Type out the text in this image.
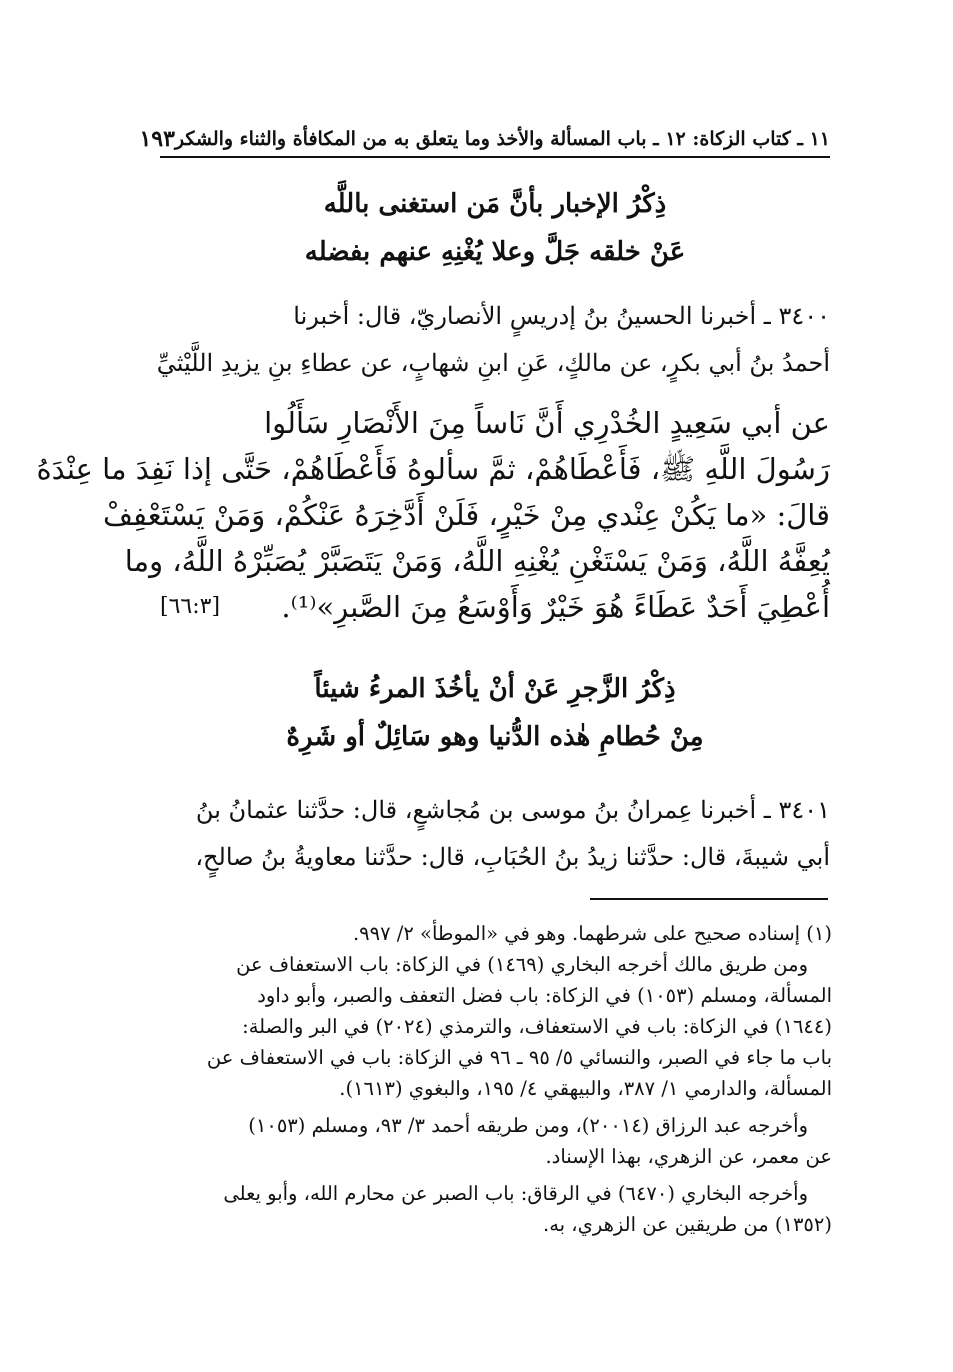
١١ ـ كتاب الزكاة: ١٢ ـ باب المسألة والأخذ وما يتعلق به من المكافأة والثناء والشكر
١٩٣
ذِكْرُ الإخبار بأنَّ مَن استغنى باللَّه
عَنْ خلقه جَلَّ وعلا يُغْنِهِ عنهم بفضله
٣٤٠٠ ـ أخبرنا الحسينُ بنُ إدريسٍ الأنصاريّ، قال: أخبرنا
أحمدُ بنُ أبي بكرٍ، عن مالكٍ، عَنِ ابنِ شهابٍ، عن عطاءِ بنِ يزيدِ اللَّيْثيِّ
عن أبي سَعِيدٍ الخُدْرِي أَنَّ نَاساً مِنَ الأَنْصَارِ سَأَلُوا
رَسُولَ اللَّهِ ﷺ، فَأَعْطَاهُمْ، ثمَّ سألوهُ فَأَعْطَاهُمْ، حَتَّى إذا نَفِدَ ما عِنْدَهُ
قالَ: «ما يَكُنْ عِنْدي مِنْ خَيْرٍ، فَلَنْ أَدَّخِرَهُ عَنْكُمْ، وَمَنْ يَسْتَعْفِفْ
يُعِفَّهُ اللَّهُ، وَمَنْ يَسْتَغْنِ يُغْنِهِ اللَّهُ، وَمَنْ يَتَصَبَّرْ يُصَبِّرْهُ اللَّهُ، وما
أُعْطِيَ أَحَدٌ عَطَاءً هُوَ خَيْرٌ وَأَوْسَعُ مِنَ الصَّبرِ»⁽¹⁾.
[٦٦:٣]
ذِكْرُ الزَّجرِ عَنْ أنْ يأخُذَ المرءُ شيئاً
مِنْ حُطامِ هٰذه الدُّنيا وهو سَائِلٌ أو شَرِهٌ
٣٤٠١ ـ أخبرنا عِمرانُ بنُ موسى بن مُجاشعٍ، قال: حدَّثنا عثمانُ بنُ
أبي شيبةَ، قال: حدَّثنا زيدُ بنُ الحُبَابِ، قال: حدَّثنا معاويةُ بنُ صالحٍ،
(١) إسناده صحيح على شرطهما. وهو في «الموطأ» ٢/ ٩٩٧.
ومن طريق مالك أخرجه البخاري (١٤٦٩) في الزكاة: باب الاستعفاف عن
المسألة، ومسلم (١٠٥٣) في الزكاة: باب فضل التعفف والصبر، وأبو داود
(١٦٤٤) في الزكاة: باب في الاستعفاف، والترمذي (٢٠٢٤) في البر والصلة:
باب ما جاء في الصبر، والنسائي ٥/ ٩٥ ـ ٩٦ في الزكاة: باب في الاستعفاف عن
المسألة، والدارمي ١/ ٣٨٧، والبيهقي ٤/ ١٩٥، والبغوي (١٦١٣).
وأخرجه عبد الرزاق (٢٠٠١٤)، ومن طريقه أحمد ٣/ ٩٣، ومسلم (١٠٥٣)
عن معمر، عن الزهري، بهذا الإسناد.
وأخرجه البخاري (٦٤٧٠) في الرقاق: باب الصبر عن محارم الله، وأبو يعلى
(١٣٥٢) من طريقين عن الزهري، به.
